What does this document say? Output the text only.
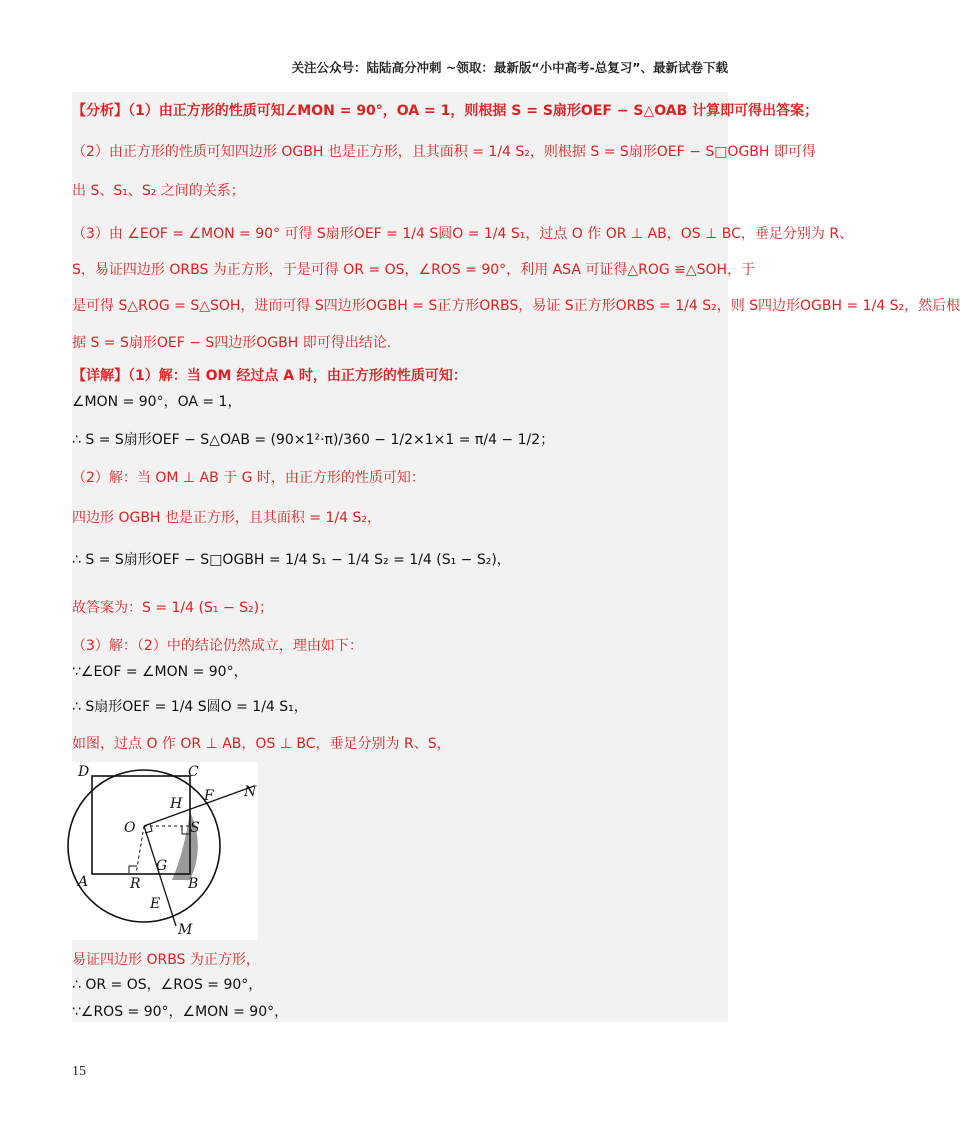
关注公众号：陆陆高分冲刺 ~领取：最新版“小中高考-总复习”、最新试卷下载
【分析】（1）由正方形的性质可知∠MON = 90°，OA = 1，则根据 S = S扇形OEF − S△OAB 计算即可得出答案；
（2）由正方形的性质可知四边形 OGBH 也是正方形，且其面积 = 1/4 S₂，则根据 S = S扇形OEF − S□OGBH 即可得
出 S、S₁、S₂ 之间的关系；
（3）由 ∠EOF = ∠MON = 90° 可得 S扇形OEF = 1/4 S圆O = 1/4 S₁，过点 O 作 OR ⊥ AB，OS ⊥ BC，垂足分别为 R、
S，易证四边形 ORBS 为正方形，于是可得 OR = OS，∠ROS = 90°，利用 ASA 可证得△ROG ≌△SOH，于
是可得 S△ROG = S△SOH，进而可得 S四边形OGBH = S正方形ORBS，易证 S正方形ORBS = 1/4 S₂，则 S四边形OGBH = 1/4 S₂，然后根
据 S = S扇形OEF − S四边形OGBH 即可得出结论.
【详解】（1）解：当 OM 经过点 A 时，由正方形的性质可知：
∠MON = 90°，OA = 1，
∴ S = S扇形OEF − S△OAB = (90×1²·π)/360 − 1/2×1×1 = π/4 − 1/2；
（2）解：当 OM ⊥ AB 于 G 时，由正方形的性质可知：
四边形 OGBH 也是正方形，且其面积 = 1/4 S₂，
∴ S = S扇形OEF − S□OGBH = 1/4 S₁ − 1/4 S₂ = 1/4 (S₁ − S₂)，
故答案为：S = 1/4 (S₁ − S₂)；
（3）解：（2）中的结论仍然成立，理由如下：
∵∠EOF = ∠MON = 90°，
∴ S扇形OEF = 1/4 S圆O = 1/4 S₁，
如图，过点 O 作 OR ⊥ AB，OS ⊥ BC，垂足分别为 R、S，
D	C
A	B
O
H F N
S
G
R
E
M
易证四边形 ORBS 为正方形，
∴ OR = OS，∠ROS = 90°，
∵∠ROS = 90°，∠MON = 90°，
15
